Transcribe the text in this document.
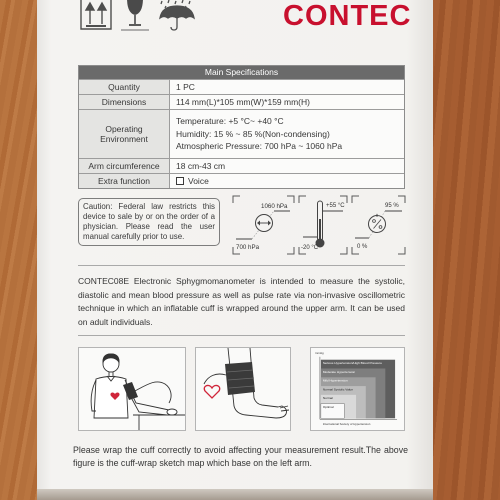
CONTEC
Main Specifications
Quantity	1 PC
Dimensions	114 mm(L)*105 mm(W)*159 mm(H)
Operating
Environment
Temperature: +5 °C~ +40 °C
Humidity: 15 % ~ 85 %(Non-condensing)
Atmospheric Pressure: 700 hPa ~ 1060 hPa
Arm circumference	18 cm-43 cm
Extra function	Voice
Caution: Federal law restricts this
device to sale by or on the order of a
physician. Please read the user
manual carefully prior to use.
1060 hPa
700 hPa
+55 °C
-20 °C
95 %
0 %
CONTEC08E Electronic Sphygmomanometer is intended to measure the systolic,
diastolic and mean blood pressure as well as pulse rate via non-invasive oscillometric
technique in which an inflatable cuff is wrapped around the upper arm. It can be used
on adult individuals.
mmHg
Serious Hypertension/High Blood Pressure
Moderate Hypertension
Mild Hypertension
Normal Systolic Value
Normal
Optimal
International Society of Hypertension
Please wrap the cuff correctly to avoid affecting your measurement result.The above
figure is the cuff-wrap sketch map which base on the left arm.
